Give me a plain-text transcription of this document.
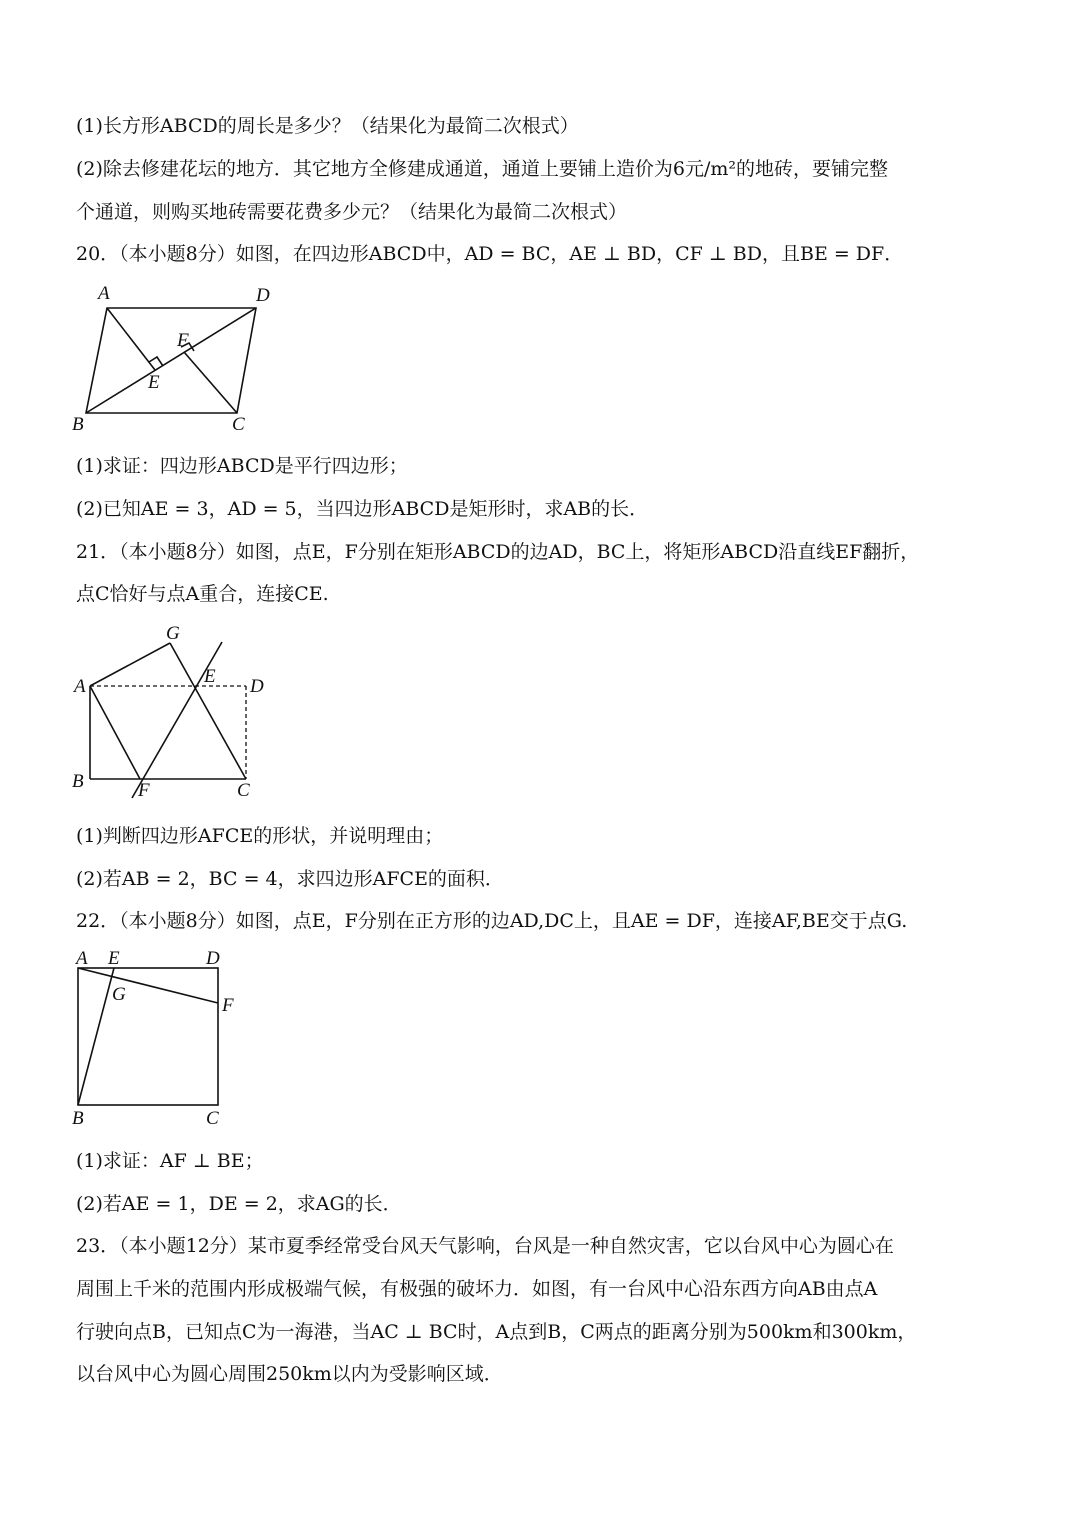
(1)长方形ABCD的周长是多少？（结果化为最简二次根式）
(2)除去修建花坛的地方．其它地方全修建成通道，通道上要铺上造价为6元/m²的地砖，要铺完整
个通道，则购买地砖需要花费多少元？（结果化为最简二次根式）
20．（本小题8分）如图，在四边形ABCD中，AD = BC，AE ⊥ BD，CF ⊥ BD，且BE = DF．
A	D
E
F
B	C
(1)求证：四边形ABCD是平行四边形；
(2)已知AE = 3，AD = 5，当四边形ABCD是矩形时，求AB的长．
21．（本小题8分）如图，点E，F分别在矩形ABCD的边AD，BC上，将矩形ABCD沿直线EF翻折，
点C恰好与点A重合，连接CE.
G
A	E D
B	F	C
(1)判断四边形AFCE的形状，并说明理由；
(2)若AB = 2，BC = 4，求四边形AFCE的面积．
22．（本小题8分）如图，点E，F分别在正方形的边AD,DC上，且AE = DF，连接AF,BE交于点G.
A E	D
G
F
B	C
(1)求证：AF ⊥ BE；
(2)若AE = 1，DE = 2，求AG的长．
23．（本小题12分）某市夏季经常受台风天气影响，台风是一种自然灾害，它以台风中心为圆心在
周围上千米的范围内形成极端气候，有极强的破坏力．如图，有一台风中心沿东西方向AB由点A
行驶向点B，已知点C为一海港，当AC ⊥ BC时，A点到B，C两点的距离分别为500km和300km，
以台风中心为圆心周围250km以内为受影响区域．
